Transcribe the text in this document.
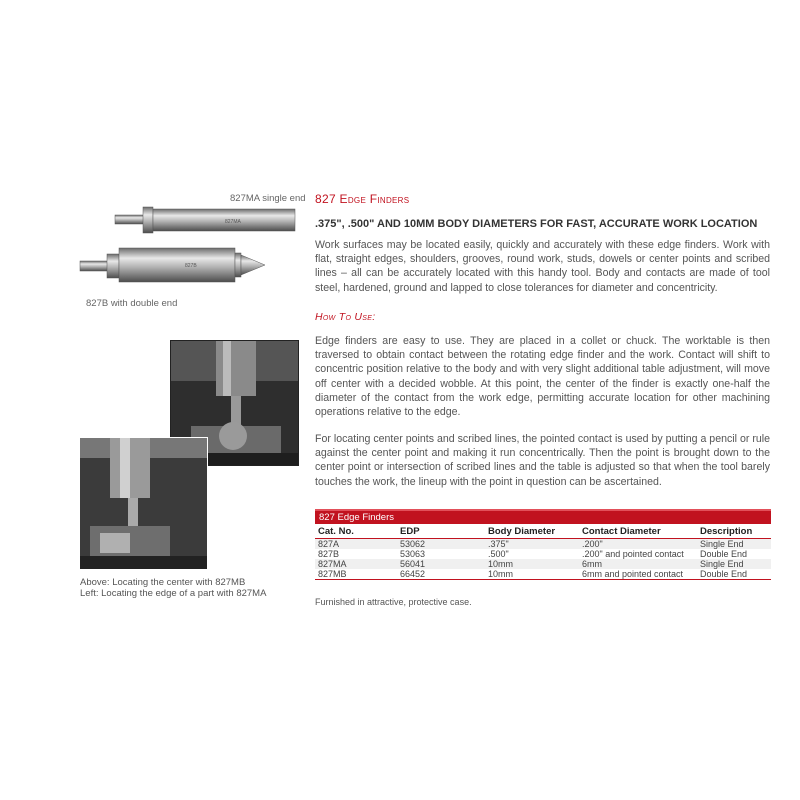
827MA single end
827MA
827B
827B with double end
Above: Locating the center with 827MB
Left: Locating the edge of a part with 827MA
827 Edge Finders
.375", .500" AND 10MM BODY DIAMETERS FOR FAST, ACCURATE WORK LOCATION

Work surfaces may be located easily, quickly and accurately with these edge finders. Work with flat, straight edges, shoulders, grooves, round work, studs, dowels or center points and scribed lines – all can be accurately located with this handy tool. Body and contacts are made of tool steel, hardened, ground and lapped to close tolerances for diameter and concentricity.

How To Use:

Edge finders are easy to use. They are placed in a collet or chuck. The worktable is then traversed to obtain contact between the rotating edge finder and the work. Contact will shift to concentric position relative to the body and with very slight additional table adjustment, will move off center with a decided wobble. At this point, the center of the finder is exactly one-half the diameter of the contact from the work edge, permitting accurate location for other machining operations relative to the edge.

For locating center points and scribed lines, the pointed contact is used by putting a pencil or rule against the center point and making it run concentrically. Then the point is brought down to the center point or intersection of scribed lines and the table is adjusted so that when the tool barely touches the work, the lineup with the point in question can be ascertained.

827 Edge Finders
Cat. No.	EDP	Body Diameter	Contact Diameter	Description
827A	53062	.375"	.200"	Single End
827B	53063	.500"	.200" and pointed contact	Double End
827MA	56041	10mm	6mm	Single End
827MB	66452	10mm	6mm and pointed contact	Double End
Furnished in attractive, protective case.
